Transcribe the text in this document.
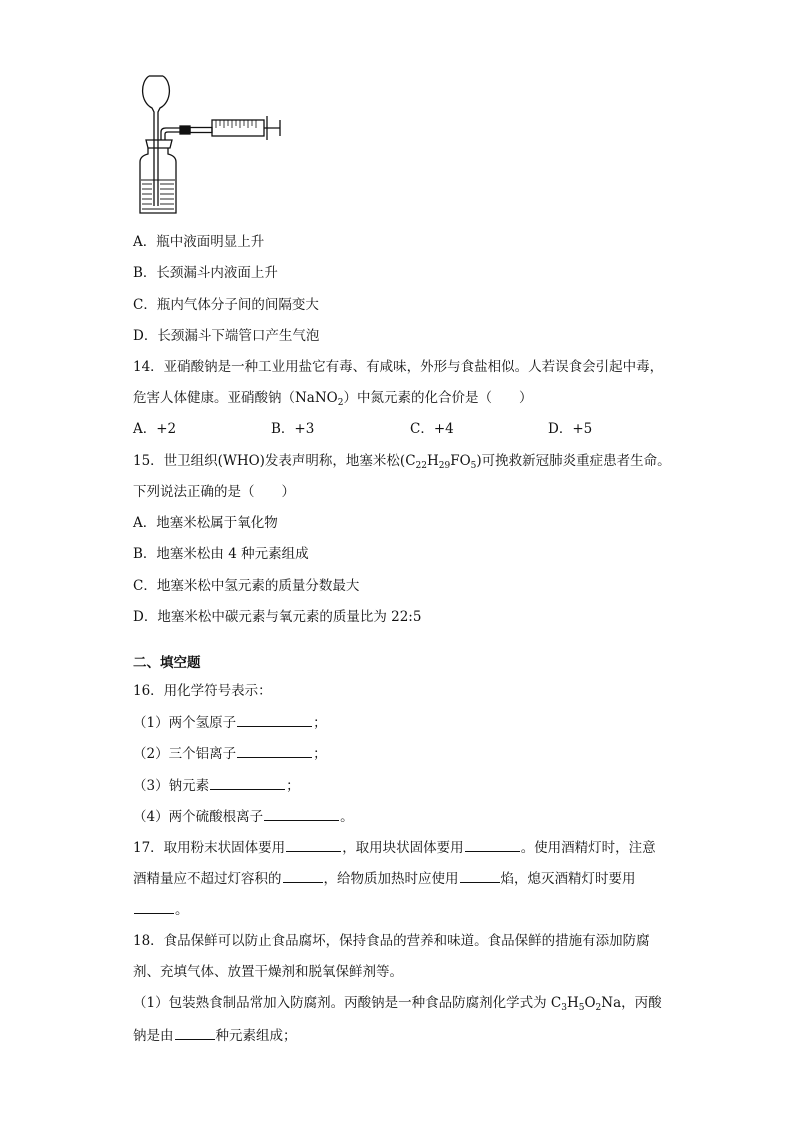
A．瓶中液面明显上升
B．长颈漏斗内液面上升
C．瓶内气体分子间的间隔变大
D．长颈漏斗下端管口产生气泡
14．亚硝酸钠是一种工业用盐它有毒、有咸味，外形与食盐相似。人若误食会引起中毒，
危害人体健康。亚硝酸钠（NaNO$_2$）中氮元素的化合价是（　　）
A．+2	B．+3	C．+4	D．+5
15．世卫组织(WHO)发表声明称，地塞米松$(C_{22}H_{29}FO_5)$可挽救新冠肺炎重症患者生命。
下列说法正确的是（　　）
A．地塞米松属于氧化物
B．地塞米松由 4 种元素组成
C．地塞米松中氢元素的质量分数最大
D．地塞米松中碳元素与氧元素的质量比为 22:5
二、填空题
16．用化学符号表示：
（1）两个氢原子	；
（2）三个铝离子	；
（3）钠元素	；
（4）两个硫酸根离子	。
17．取用粉末状固体要用	，取用块状固体要用	。使用酒精灯时，注意
酒精量应不超过灯容积的	，给物质加热时应使用	焰，熄灭酒精灯时要用
。
18．食品保鲜可以防止食品腐坏，保持食品的营养和味道。食品保鲜的措施有添加防腐
剂、充填气体、放置干燥剂和脱氧保鲜剂等。
（1）包装熟食制品常加入防腐剂。丙酸钠是一种食品防腐剂化学式为 $C_3H_5O_2Na$，丙酸
钠是由	种元素组成；
